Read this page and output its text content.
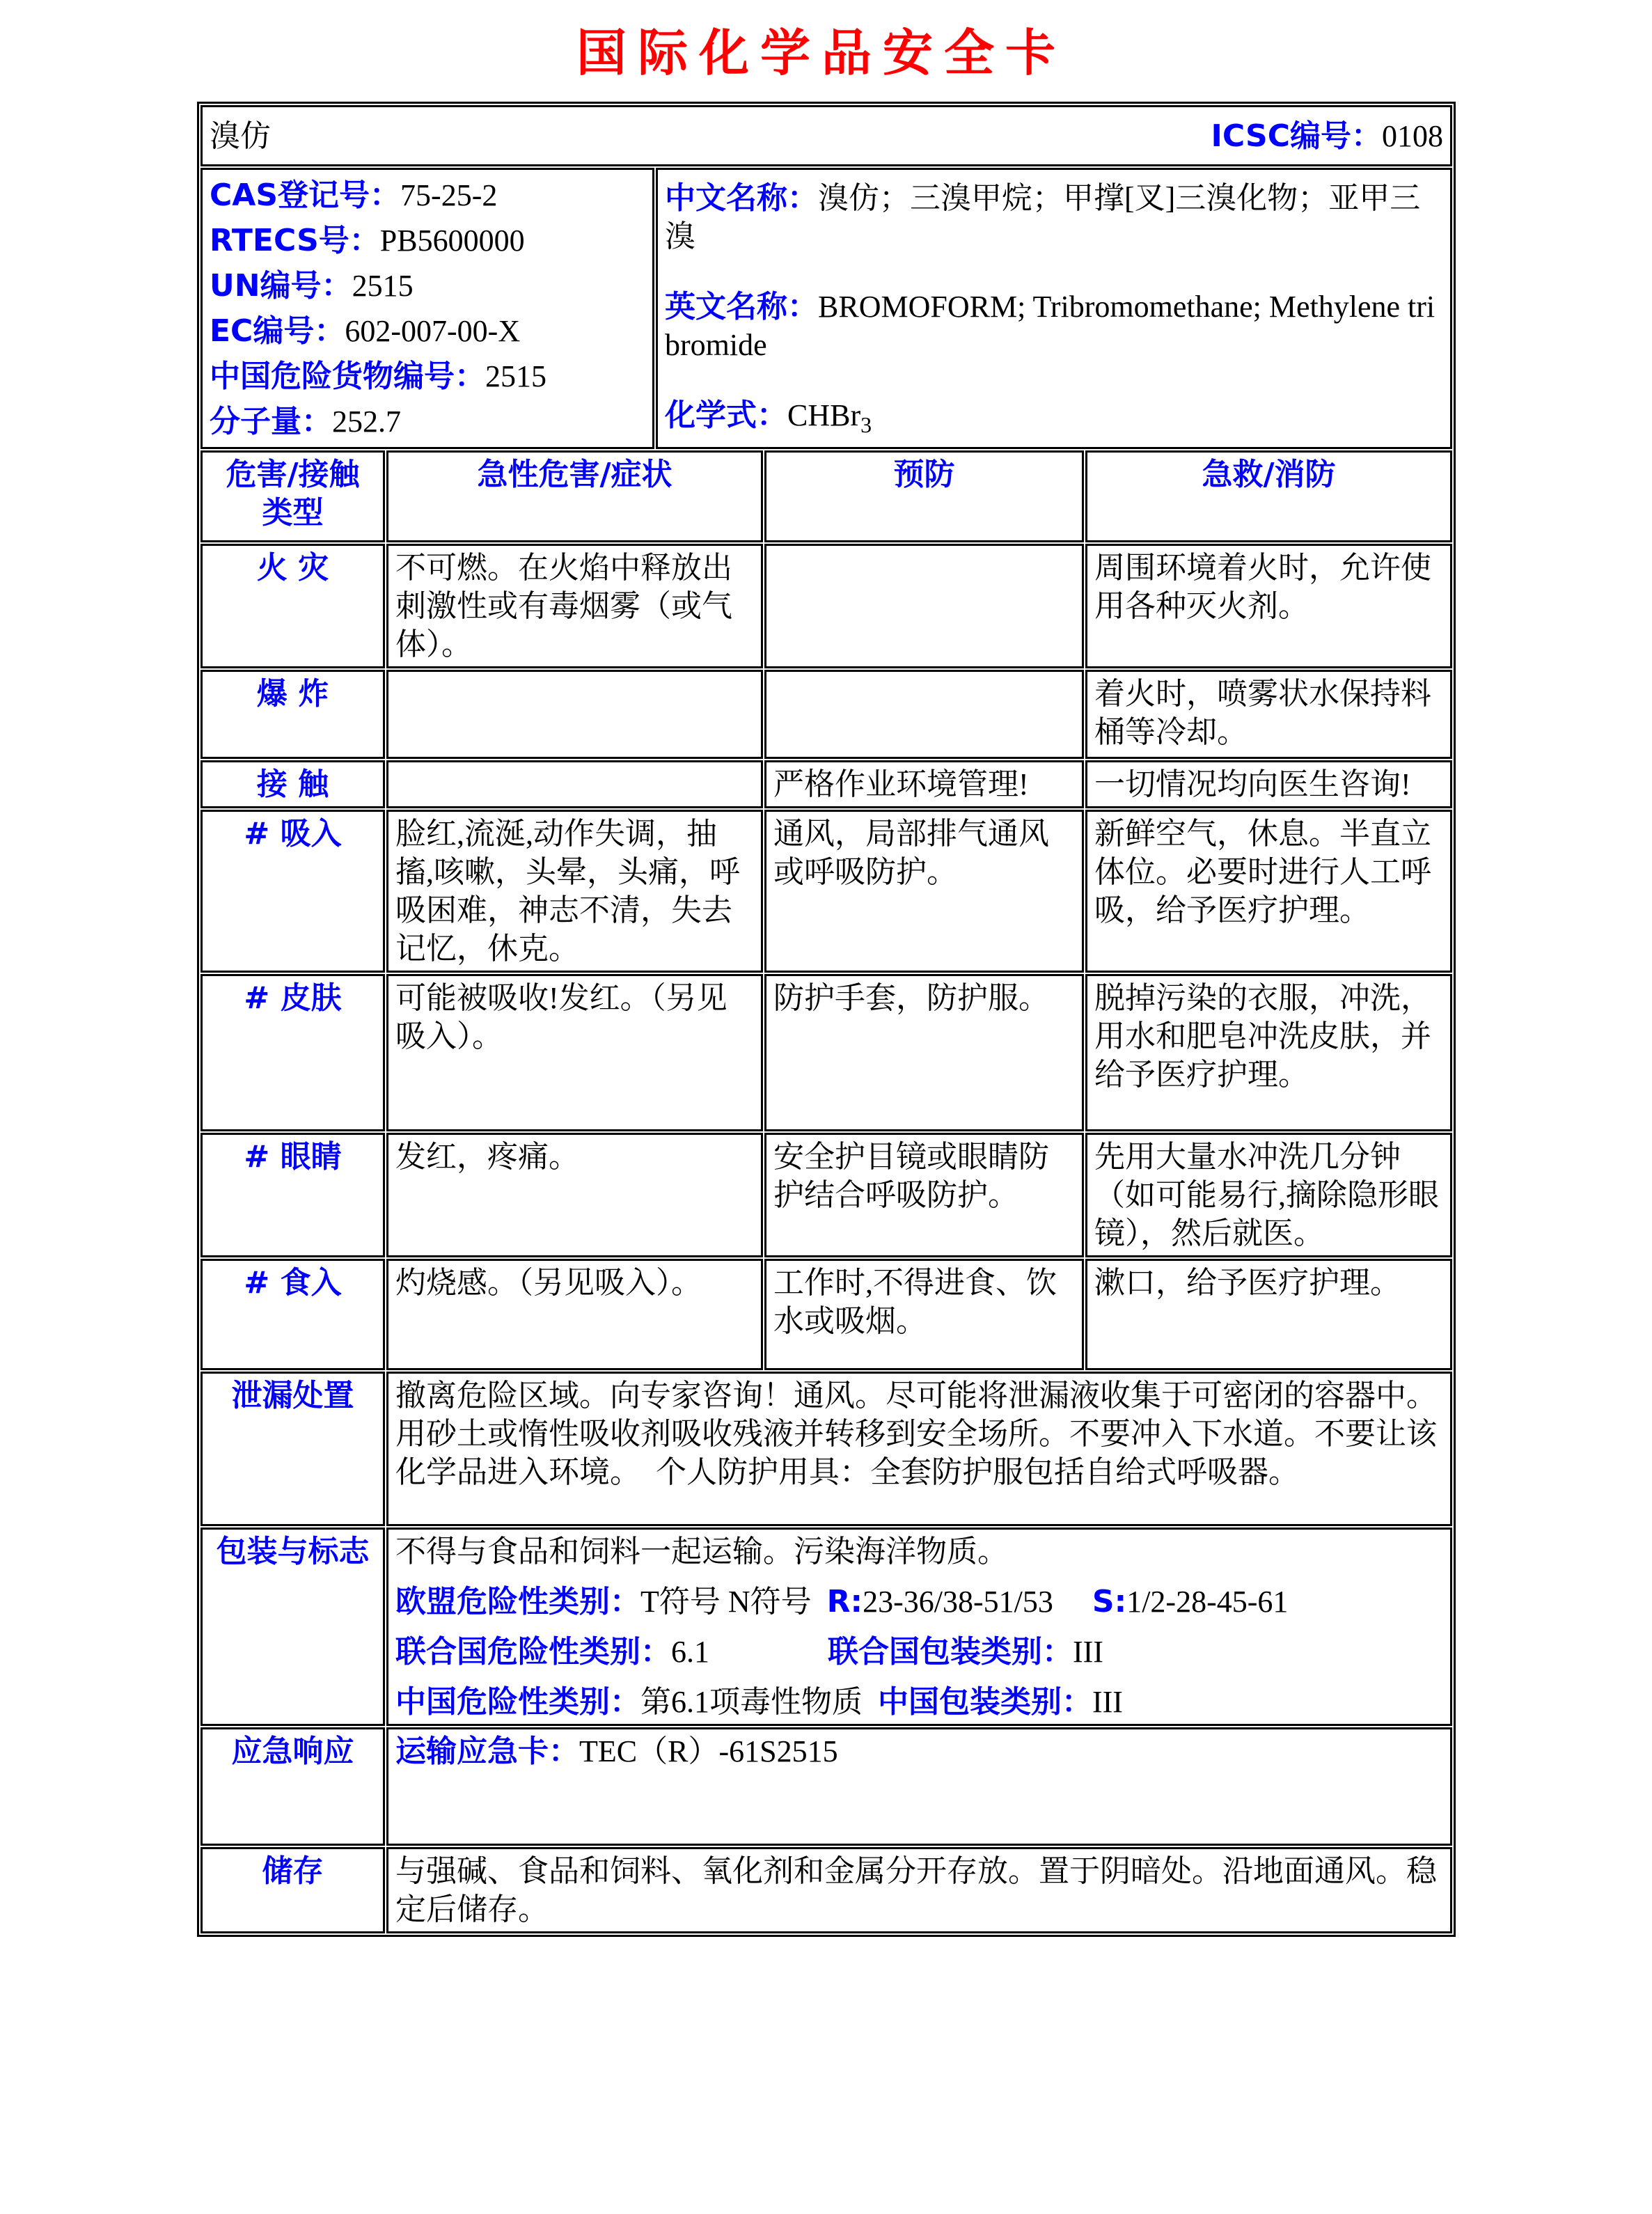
国际化学品安全卡
溴仿 ICSC编号：0108				

CAS登记号：75-25-2
RTECS号：PB5600000
UN编号：2515
EC编号：602-007-00-X
中国危险货物编号：2515
分子量：252.7

中文名称：溴仿；三溴甲烷；甲撑[叉]三溴化物；亚甲三溴
英文名称：BROMOFORM; Tribromomethane; Methylene tribromide
化学式：CHBr$_3$

危害/接触类型	急性危害/症状		预防	急救/消防
火 灾	不可燃。在火焰中释放出刺激性或有毒烟雾（或气体）。			周围环境着火时，允许使用各种灭火剂。
爆 炸				着火时，喷雾状水保持料桶等冷却。
接 触			严格作业环境管理!	一切情况均向医生咨询!
# 吸入	脸红,流涎,动作失调，抽搐,咳嗽，头晕，头痛，呼吸困难，神志不清，失去记忆，休克。		通风，局部排气通风或呼吸防护。	新鲜空气，休息。半直立体位。必要时进行人工呼吸，给予医疗护理。
# 皮肤	可能被吸收!发红。（另见吸入）。		防护手套，防护服。	脱掉污染的衣服，冲洗，用水和肥皂冲洗皮肤，并给予医疗护理。
# 眼睛	发红，疼痛。		安全护目镜或眼睛防护结合呼吸防护。	先用大量水冲洗几分钟（如可能易行,摘除隐形眼镜），然后就医。
# 食入	灼烧感。（另见吸入）。		工作时,不得进食、饮水或吸烟。	漱口，给予医疗护理。
泄漏处置	撤离危险区域。向专家咨询！通风。尽可能将泄漏液收集于可密闭的容器中。用砂土或惰性吸收剂吸收残液并转移到安全场所。不要冲入下水道。不要让该化学品进入环境。　个人防护用具：全套防护服包括自给式呼吸器。			
包装与标志	不得与食品和饲料一起运输。污染海洋物质。
欧盟危险性类别：T符号 N符号 R:23-36/38-51/53 S:1/2-28-45-61
联合国危险性类别：6.1 联合国包装类别：III
中国危险性类别：第6.1项毒性物质 中国包装类别：III			

应急响应	运输应急卡：TEC（R）-61S2515			
储存	与强碱、食品和饲料、氧化剂和金属分开存放。置于阴暗处。沿地面通风。稳定后储存。			
